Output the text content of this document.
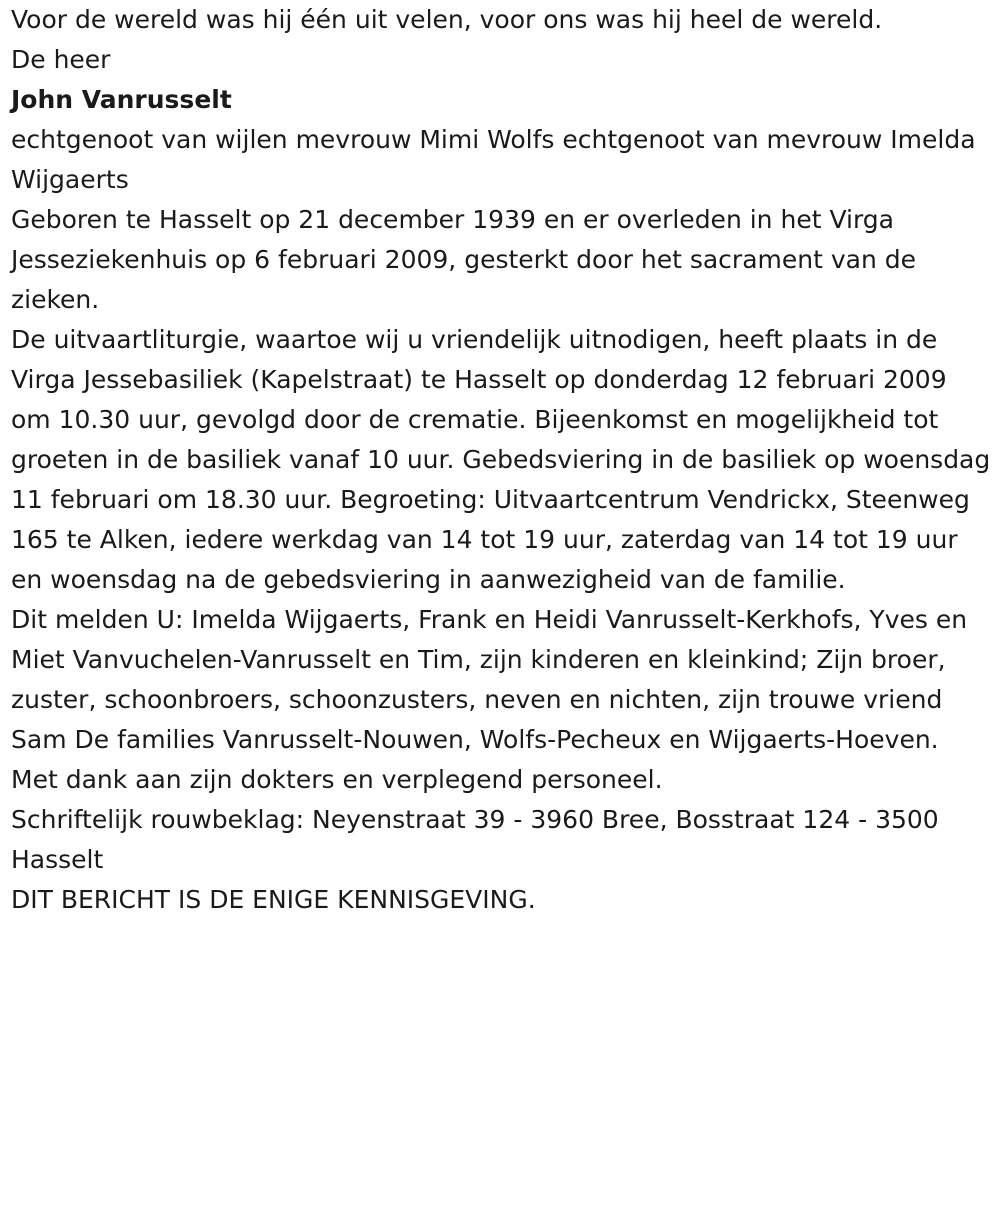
Voor de wereld was hij één uit velen, voor ons was hij heel de wereld.

De heer

John Vanrusselt

echtgenoot van wijlen mevrouw Mimi Wolfs echtgenoot van mevrouw Imelda Wijgaerts

Geboren te Hasselt op 21 december 1939 en er overleden in het Virga Jesseziekenhuis op 6 februari 2009, gesterkt door het sacrament van de zieken.

De uitvaartliturgie, waartoe wij u vriendelijk uitnodigen, heeft plaats in de Virga Jessebasiliek (Kapelstraat) te Hasselt op donderdag 12 februari 2009 om 10.30 uur, gevolgd door de crematie. Bijeenkomst en mogelijkheid tot groeten in de basiliek vanaf 10 uur. Gebedsviering in de basiliek op woensdag 11 februari om 18.30 uur. Begroeting: Uitvaartcentrum Vendrickx, Steenweg 165 te Alken, iedere werkdag van 14 tot 19 uur, zaterdag van 14 tot 19 uur en woensdag na de gebedsviering in aanwezigheid van de familie.

Dit melden U: Imelda Wijgaerts, Frank en Heidi Vanrusselt-Kerkhofs, Yves en Miet Vanvuchelen-Vanrusselt en Tim, zijn kinderen en kleinkind; Zijn broer, zuster, schoonbroers, schoonzusters, neven en nichten, zijn trouwe vriend Sam De families Vanrusselt-Nouwen, Wolfs-Pecheux en Wijgaerts-Hoeven. Met dank aan zijn dokters en verplegend personeel.

Schriftelijk rouwbeklag: Neyenstraat 39 - 3960 Bree, Bosstraat 124 - 3500 Hasselt

DIT BERICHT IS DE ENIGE KENNISGEVING.
